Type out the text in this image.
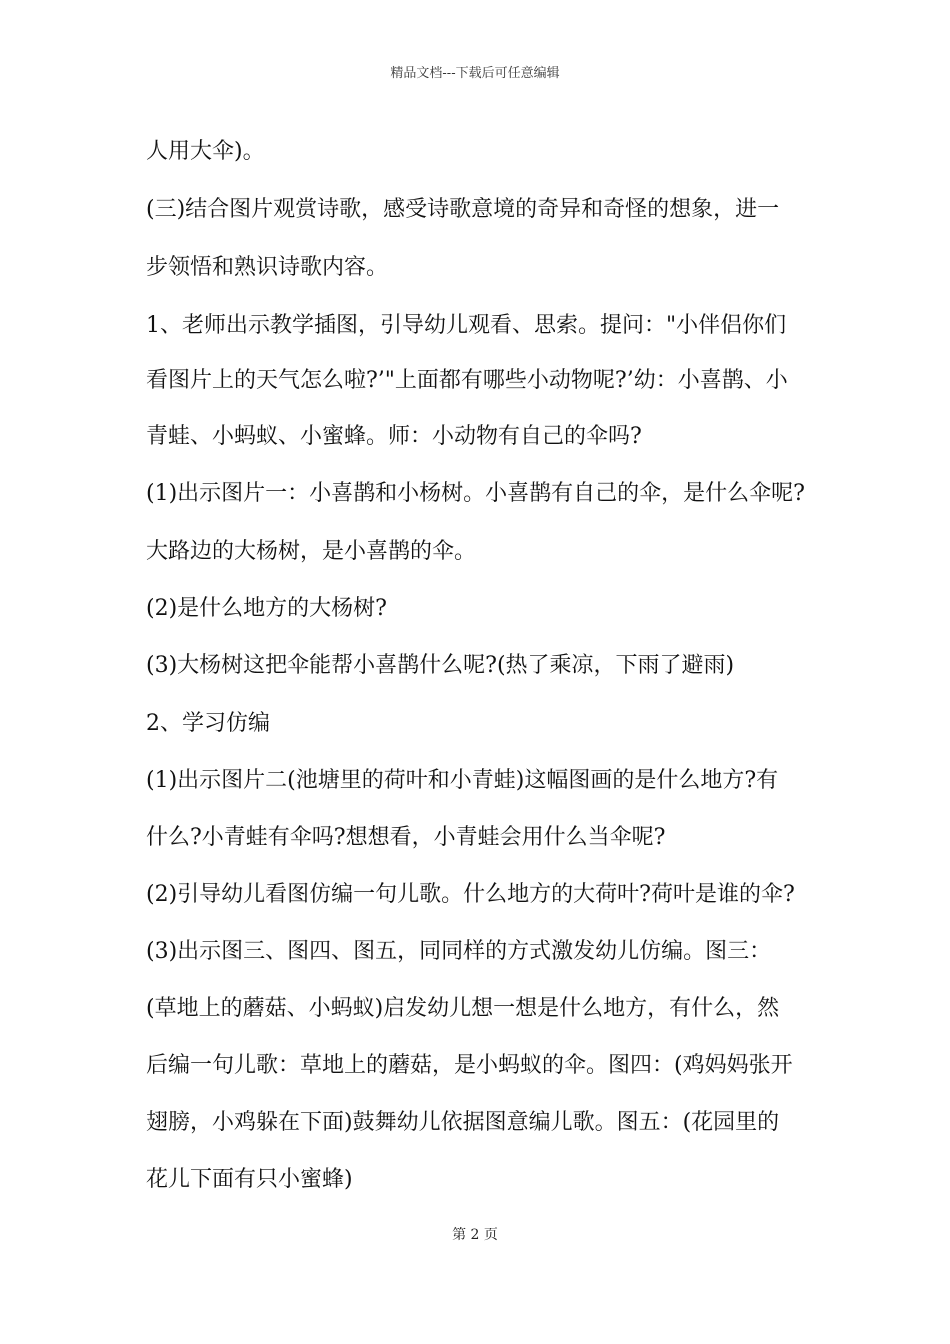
精品文档---下载后可任意编辑
人用大伞)。
(三)结合图片观赏诗歌，感受诗歌意境的奇异和奇怪的想象，进一
步领悟和熟识诗歌内容。
1、老师出示教学插图，引导幼儿观看、思索。提问："小伴侣你们
看图片上的天气怎么啦?’"上面都有哪些小动物呢?’幼：小喜鹊、小
青蛙、小蚂蚁、小蜜蜂。师：小动物有自己的伞吗?
(1)出示图片一：小喜鹊和小杨树。小喜鹊有自己的伞，是什么伞呢?
大路边的大杨树，是小喜鹊的伞。
(2)是什么地方的大杨树?
(3)大杨树这把伞能帮小喜鹊什么呢?(热了乘凉，下雨了避雨)
2、学习仿编
(1)出示图片二(池塘里的荷叶和小青蛙)这幅图画的是什么地方?有
什么?小青蛙有伞吗?想想看，小青蛙会用什么当伞呢?
(2)引导幼儿看图仿编一句儿歌。什么地方的大荷叶?荷叶是谁的伞?
(3)出示图三、图四、图五，同同样的方式激发幼儿仿编。图三：
(草地上的蘑菇、小蚂蚁)启发幼儿想一想是什么地方，有什么，然
后编一句儿歌：草地上的蘑菇，是小蚂蚁的伞。图四：(鸡妈妈张开
翅膀，小鸡躲在下面)鼓舞幼儿依据图意编儿歌。图五：(花园里的
花儿下面有只小蜜蜂)
第 2 页
